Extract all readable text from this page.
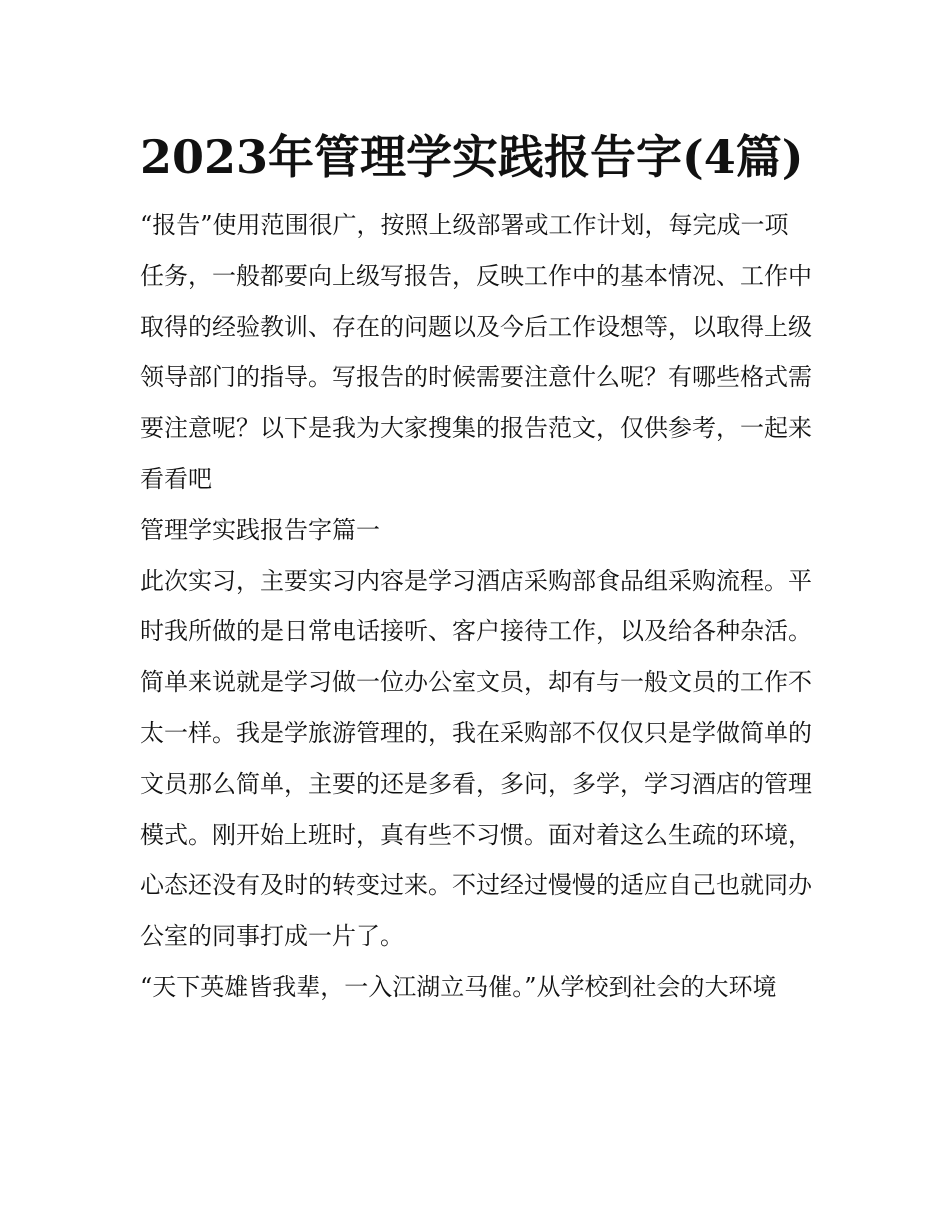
2023年管理学实践报告字(4篇)

“报告”使用范围很广，按照上级部署或工作计划，每完成一项任务，一般都要向上级写报告，反映工作中的基本情况、工作中取得的经验教训、存在的问题以及今后工作设想等，以取得上级领导部门的指导。写报告的时候需要注意什么呢？有哪些格式需要注意呢？以下是我为大家搜集的报告范文，仅供参考，一起来看看吧

管理学实践报告字篇一

此次实习，主要实习内容是学习酒店采购部食品组采购流程。平时我所做的是日常电话接听、客户接待工作，以及给各种杂活。简单来说就是学习做一位办公室文员，却有与一般文员的工作不太一样。我是学旅游管理的，我在采购部不仅仅只是学做简单的文员那么简单，主要的还是多看，多问，多学，学习酒店的管理模式。刚开始上班时，真有些不习惯。面对着这么生疏的环境，心态还没有及时的转变过来。不过经过慢慢的适应自己也就同办公室的同事打成一片了。

“天下英雄皆我辈，一入江湖立马催。”从学校到社会的大环境
